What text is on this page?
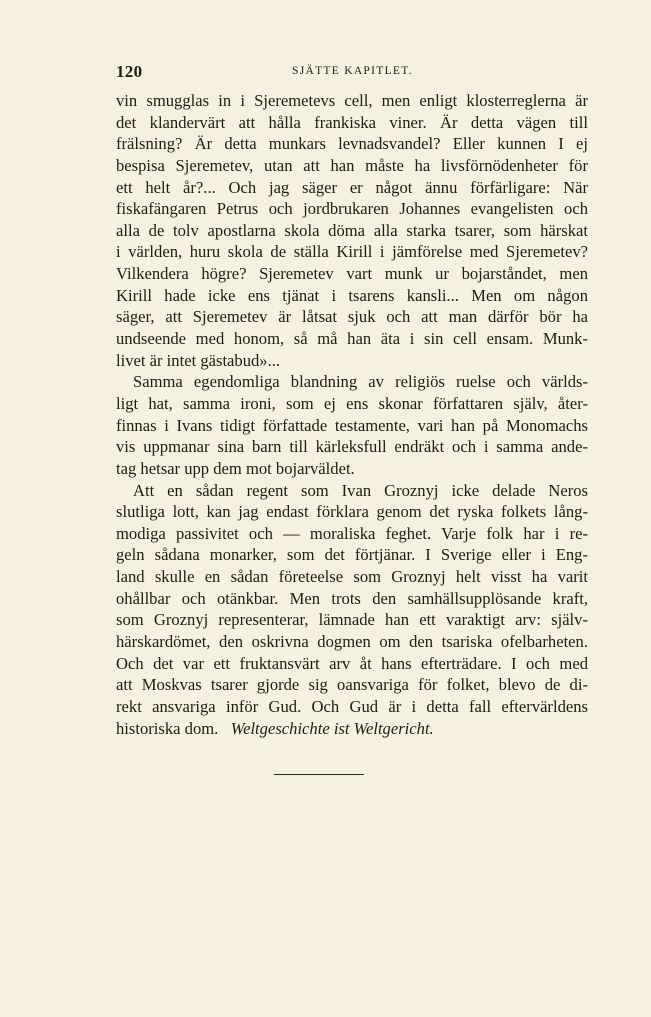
120	SJÄTTE KAPITLET.
vin smugglas in i Sjeremetevs cell, men enligt klosterreglerna är
det klandervärt att hålla frankiska viner. Är detta vägen till
frälsning? Är detta munkars levnadsvandel? Eller kunnen I ej
bespisa Sjeremetev, utan att han måste ha livsförnödenheter för
ett helt år?... Och jag säger er något ännu förfärligare: När
fiskafängaren Petrus och jordbrukaren Johannes evangelisten och
alla de tolv apostlarna skola döma alla starka tsarer, som härskat
i världen, huru skola de ställa Kirill i jämförelse med Sjeremetev?
Vilkendera högre? Sjeremetev vart munk ur bojarståndet, men
Kirill hade icke ens tjänat i tsarens kansli... Men om någon
säger, att Sjeremetev är låtsat sjuk och att man därför bör ha
undseende med honom, så må han äta i sin cell ensam. Munk-
livet är intet gästabud»...
Samma egendomliga blandning av religiös ruelse och världs-
ligt hat, samma ironi, som ej ens skonar författaren själv, åter-
finnas i Ivans tidigt författade testamente, vari han på Monomachs
vis uppmanar sina barn till kärleksfull endräkt och i samma ande-
tag hetsar upp dem mot bojarväldet.
Att en sådan regent som Ivan Groznyj icke delade Neros
slutliga lott, kan jag endast förklara genom det ryska folkets lång-
modiga passivitet och — moraliska feghet. Varje folk har i re-
geln sådana monarker, som det förtjänar. I Sverige eller i Eng-
land skulle en sådan företeelse som Groznyj helt visst ha varit
ohållbar och otänkbar. Men trots den samhällsupplösande kraft,
som Groznyj representerar, lämnade han ett varaktigt arv: själv-
härskardömet, den oskrivna dogmen om den tsariska ofelbarheten.
Och det var ett fruktansvärt arv åt hans efterträdare. I och med
att Moskvas tsarer gjorde sig oansvariga för folket, blevo de di-
rekt ansvariga inför Gud. Och Gud är i detta fall eftervärldens
historiska dom. Weltgeschichte ist Weltgericht.
